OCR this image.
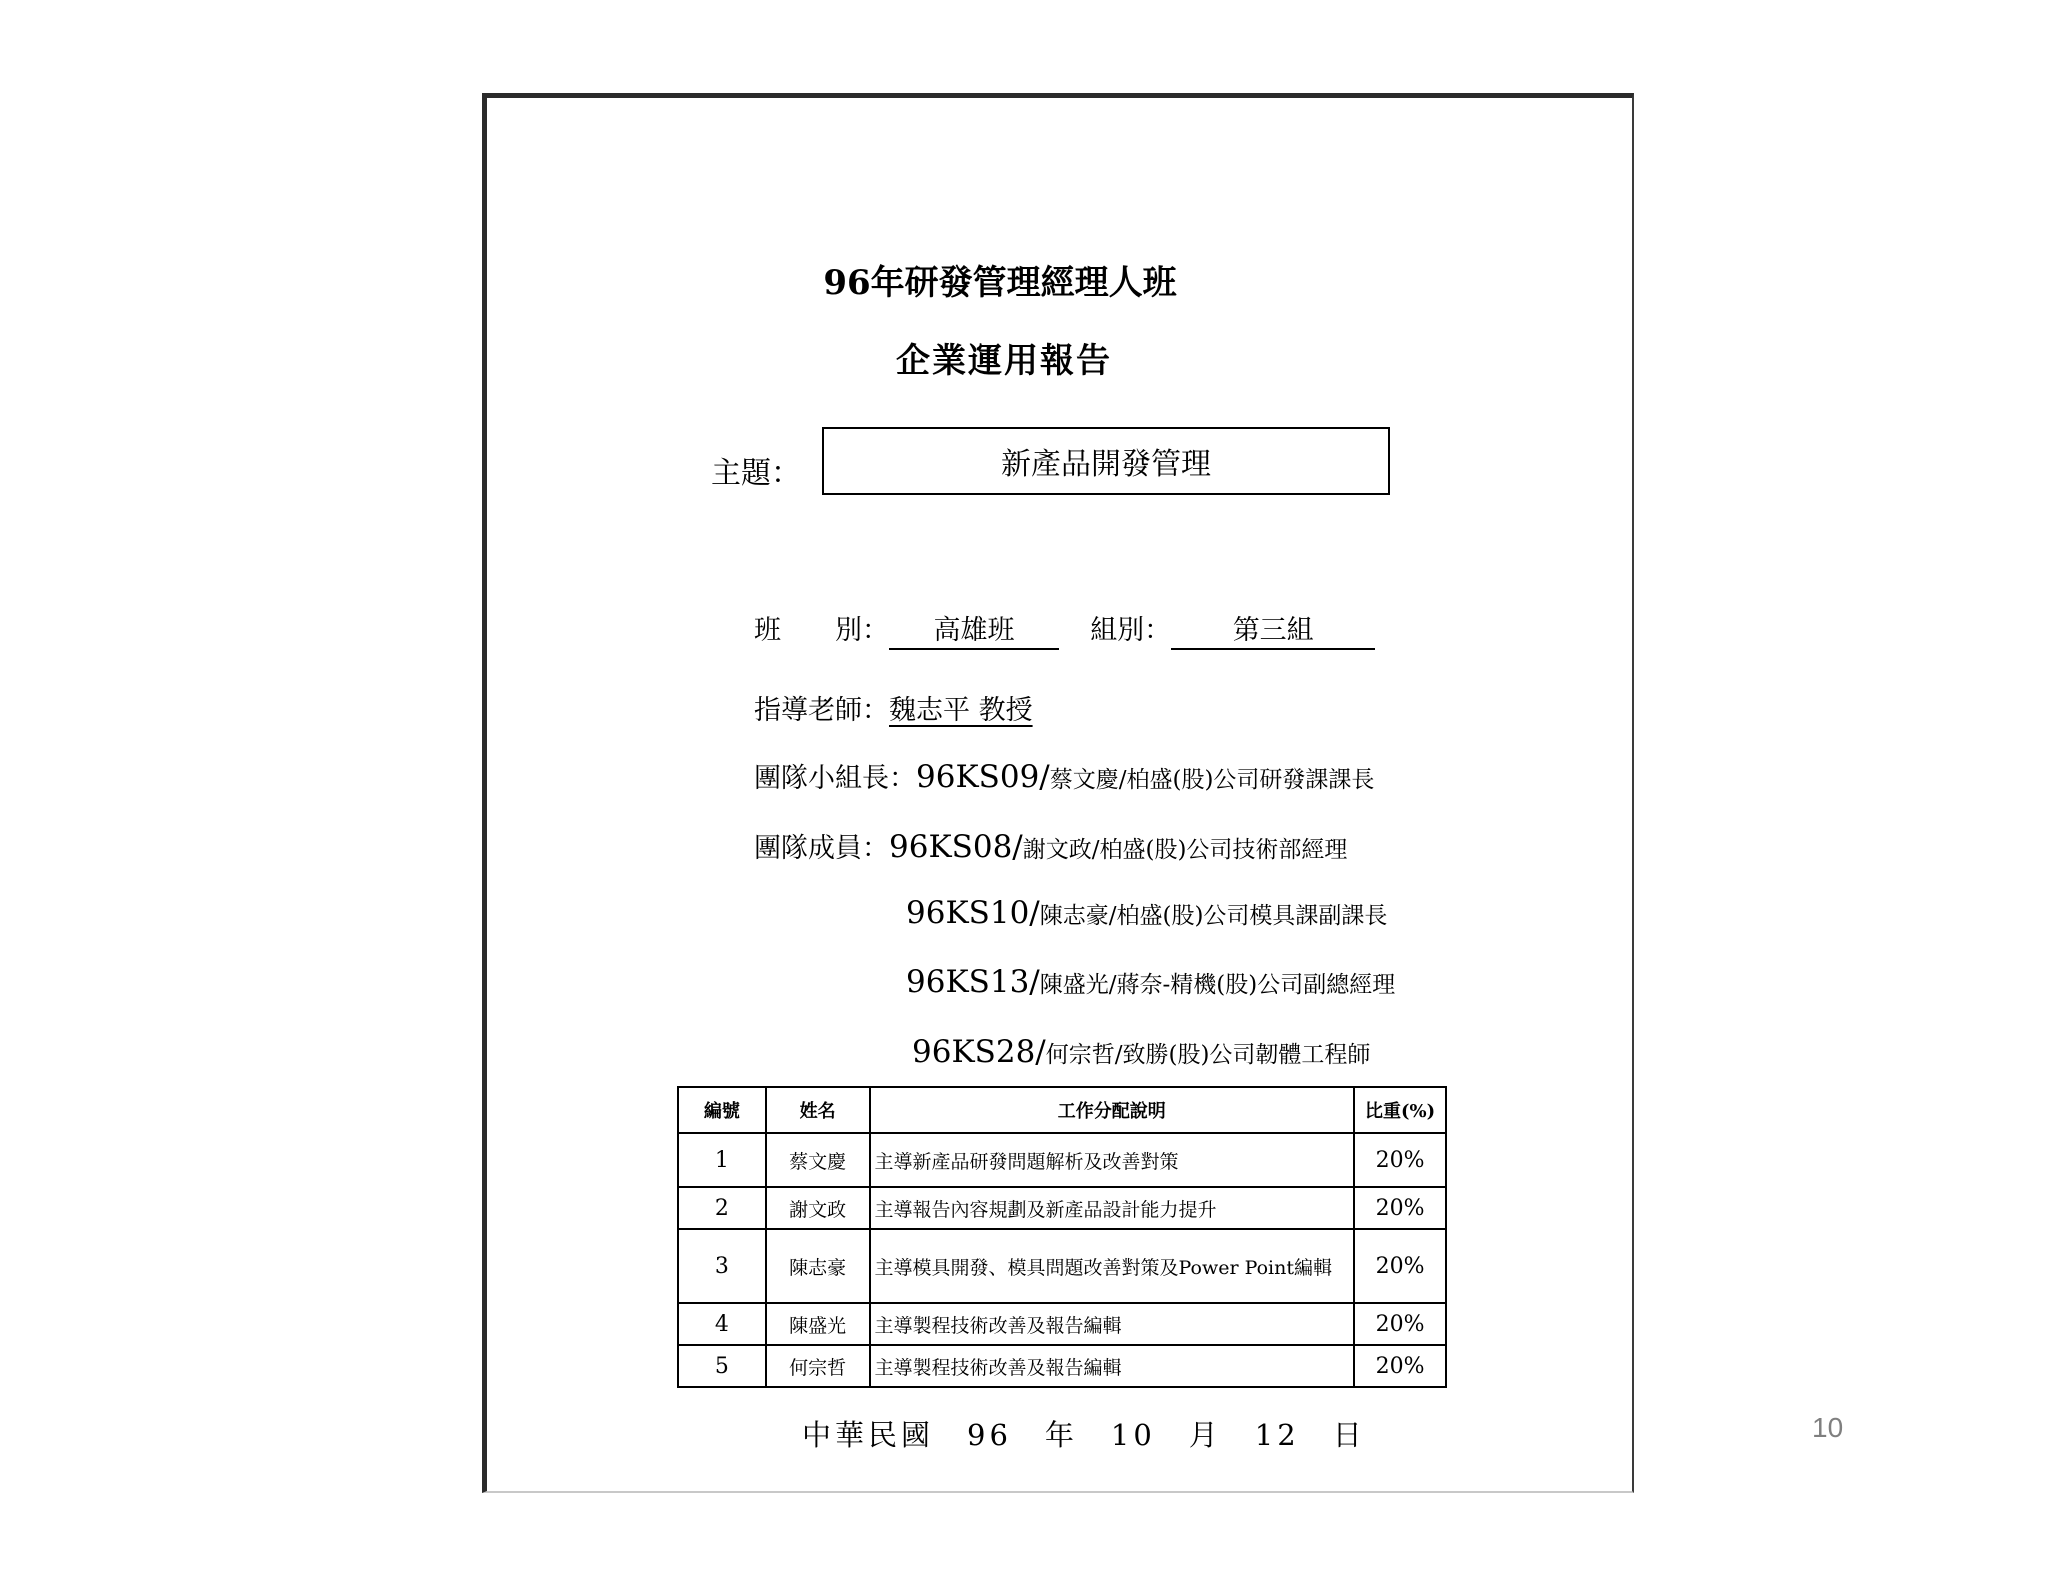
96年研發管理經理人班
企業運用報告
主題：	新產品開發管理
班　　別： 高雄班	組別： 第三組
指導老師：魏志平 教授
團隊小組長：96KS09/蔡文慶/柏盛(股)公司研發課課長
團隊成員：96KS08/謝文政/柏盛(股)公司技術部經理
96KS10/陳志豪/柏盛(股)公司模具課副課長
96KS13/陳盛光/蔣奈-精機(股)公司副總經理
96KS28/何宗哲/致勝(股)公司韌體工程師
編號	姓名	工作分配說明	比重(%)
1	蔡文慶	主導新產品研發問題解析及改善對策	20%
2	謝文政	主導報告內容規劃及新產品設計能力提升	20%
3	陳志豪	主導模具開發、模具問題改善對策及Power Point編輯	20%
4	陳盛光	主導製程技術改善及報告編輯	20%
5	何宗哲	主導製程技術改善及報告編輯	20%
中華民國　96　年　10　月　12　日	10
